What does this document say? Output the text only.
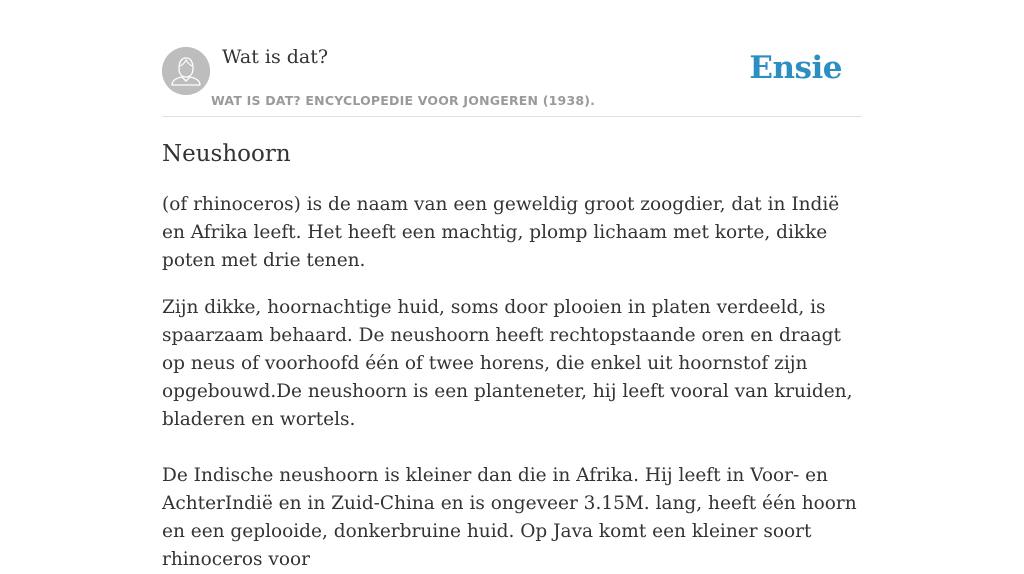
Wat is dat?
WAT IS DAT? ENCYCLOPEDIE VOOR JONGEREN (1938).
Ensie
Neushoorn

(of rhinoceros) is de naam van een geweldig groot zoogdier, dat in Indië en Afrika leeft. Het heeft een machtig, plomp lichaam met korte, dikke poten met drie tenen.

Zijn dikke, hoornachtige huid, soms door plooien in platen verdeeld, is spaarzaam behaard. De neushoorn heeft rechtopstaande oren en draagt op neus of voorhoofd één of twee horens, die enkel uit hoornstof zijn opgebouwd.De neushoorn is een planteneter, hij leeft vooral van kruiden, bladeren en wortels.

De Indische neushoorn is kleiner dan die in Afrika. Hij leeft in Voor- en AchterIndië en in Zuid-China en is ongeveer 3.15M. lang, heeft één hoorn en een geplooide, donkerbruine huid. Op Java komt een kleiner soort rhinoceros voor
